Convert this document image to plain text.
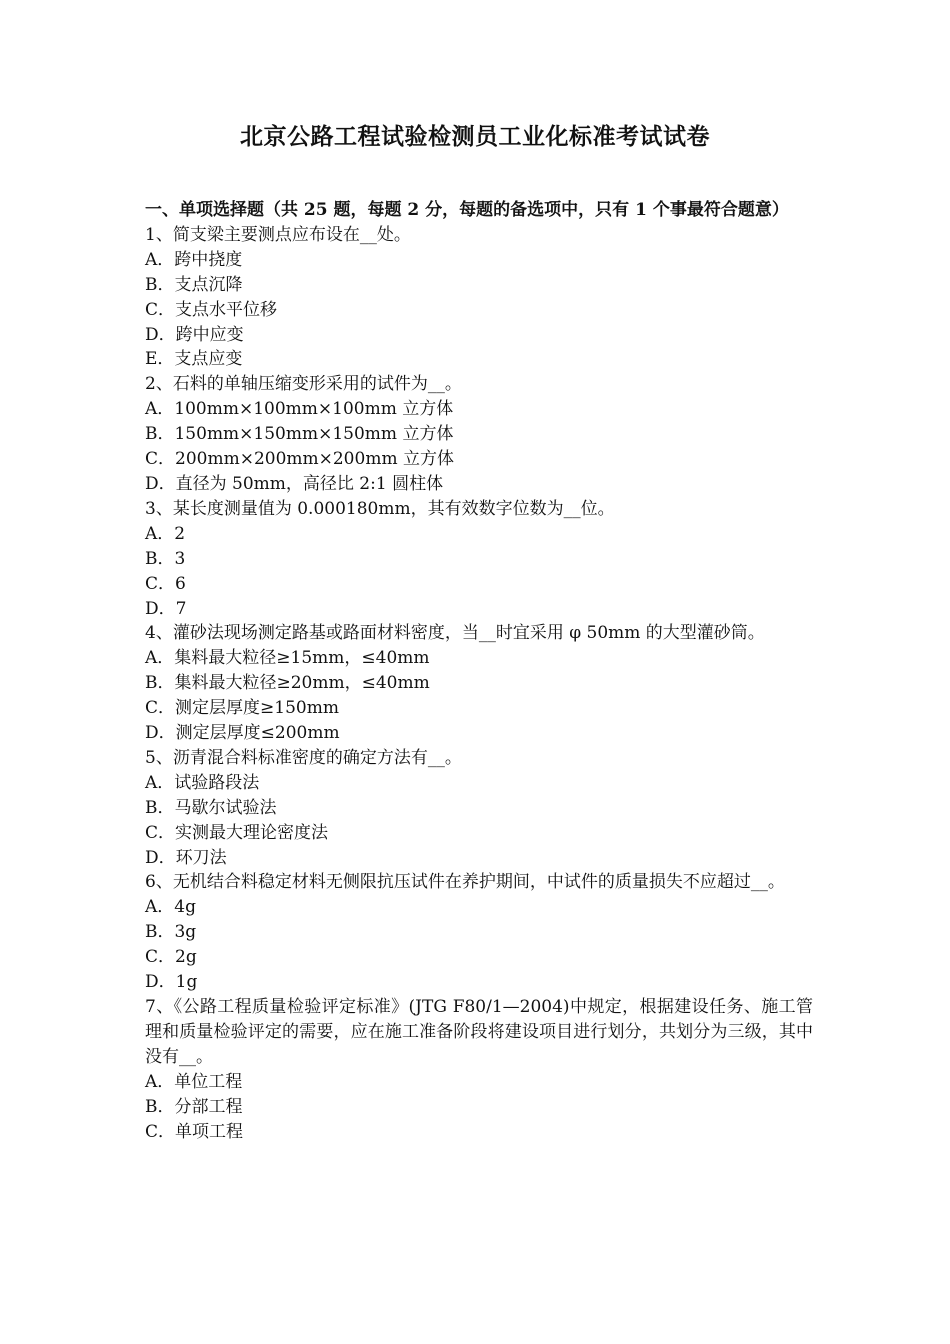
北京公路工程试验检测员工业化标准考试试卷
一、单项选择题（共 25 题，每题 2 分，每题的备选项中，只有 1 个事最符合题意）
1、简支梁主要测点应布设在__处。
A．跨中挠度
B．支点沉降
C．支点水平位移
D．跨中应变
E．支点应变
2、石料的单轴压缩变形采用的试件为__。
A．100mm×100mm×100mm 立方体
B．150mm×150mm×150mm 立方体
C．200mm×200mm×200mm 立方体
D．直径为 50mm，高径比 2:1 圆柱体
3、某长度测量值为 0.000180mm，其有效数字位数为__位。
A．2
B．3
C．6
D．7
4、灌砂法现场测定路基或路面材料密度，当__时宜采用 φ 50mm 的大型灌砂筒。
A．集料最大粒径≥15mm，≤40mm
B．集料最大粒径≥20mm，≤40mm
C．测定层厚度≥150mm
D．测定层厚度≤200mm
5、沥青混合料标准密度的确定方法有__。
A．试验路段法
B．马歇尔试验法
C．实测最大理论密度法
D．环刀法
6、无机结合料稳定材料无侧限抗压试件在养护期间，中试件的质量损失不应超过__。
A．4g
B．3g
C．2g
D．1g
7、《公路工程质量检验评定标准》(JTG F80/1—2004)中规定，根据建设任务、施工管理和质量检验评定的需要，应在施工准备阶段将建设项目进行划分，共划分为三级，其中没有__。
A．单位工程
B．分部工程
C．单项工程
